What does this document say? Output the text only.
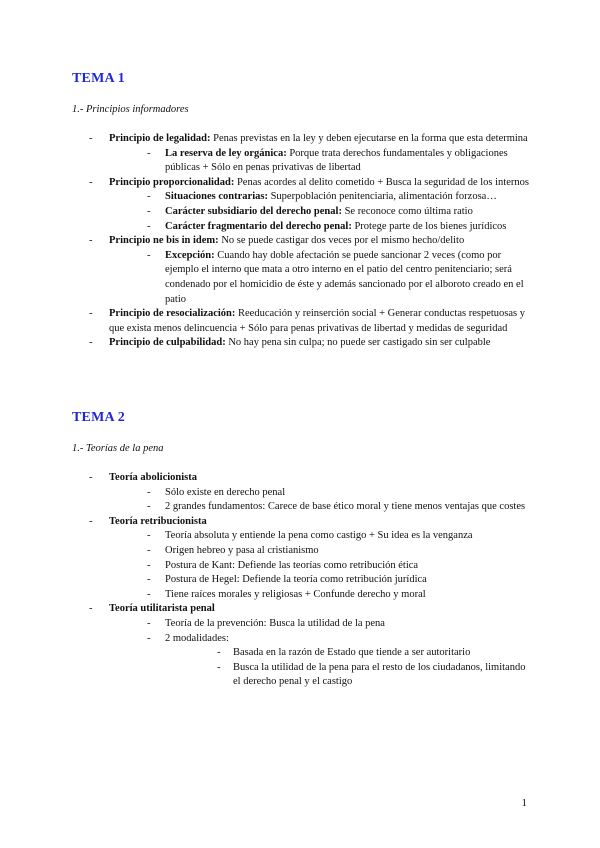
TEMA 1
1.- Principios informadores
- Principio de legalidad: Penas previstas en la ley y deben ejecutarse en la forma que esta determina
- La reserva de ley orgánica: Porque trata derechos fundamentales y obligaciones públicas + Sólo en penas privativas de libertad
- Principio proporcionalidad: Penas acordes al delito cometido + Busca la seguridad de los internos
- Situaciones contrarias: Superpoblación penitenciaria, alimentación forzosa…
- Carácter subsidiario del derecho penal: Se reconoce como última ratio
- Carácter fragmentario del derecho penal: Protege parte de los bienes jurídicos
- Principio ne bis in idem: No se puede castigar dos veces por el mismo hecho/delito
- Excepción: Cuando hay doble afectación se puede sancionar 2 veces (como por ejemplo el interno que mata a otro interno en el patio del centro penitenciario; será condenado por el homicidio de éste y además sancionado por el alboroto creado en el patio
- Principio de resocialización: Reeducación y reinserción social + Generar conductas respetuosas y que exista menos delincuencia + Sólo para penas privativas de libertad y medidas de seguridad
- Principio de culpabilidad: No hay pena sin culpa; no puede ser castigado sin ser culpable
TEMA 2
1.- Teorías de la pena
- Teoría abolicionista
- Sólo existe en derecho penal
- 2 grandes fundamentos: Carece de base ético moral y tiene menos ventajas que costes
- Teoría retribucionista
- Teoría absoluta y entiende la pena como castigo + Su idea es la venganza
- Origen hebreo y pasa al cristianismo
- Postura de Kant: Defiende las teorías como retribución ética
- Postura de Hegel: Defiende la teoría como retribución jurídica
- Tiene raíces morales y religiosas + Confunde derecho y moral
- Teoría utilitarista penal
- Teoría de la prevención: Busca la utilidad de la pena
- 2 modalidades:
- Basada en la razón de Estado que tiende a ser autoritario
- Busca la utilidad de la pena para el resto de los ciudadanos, limitando el derecho penal y el castigo
1
